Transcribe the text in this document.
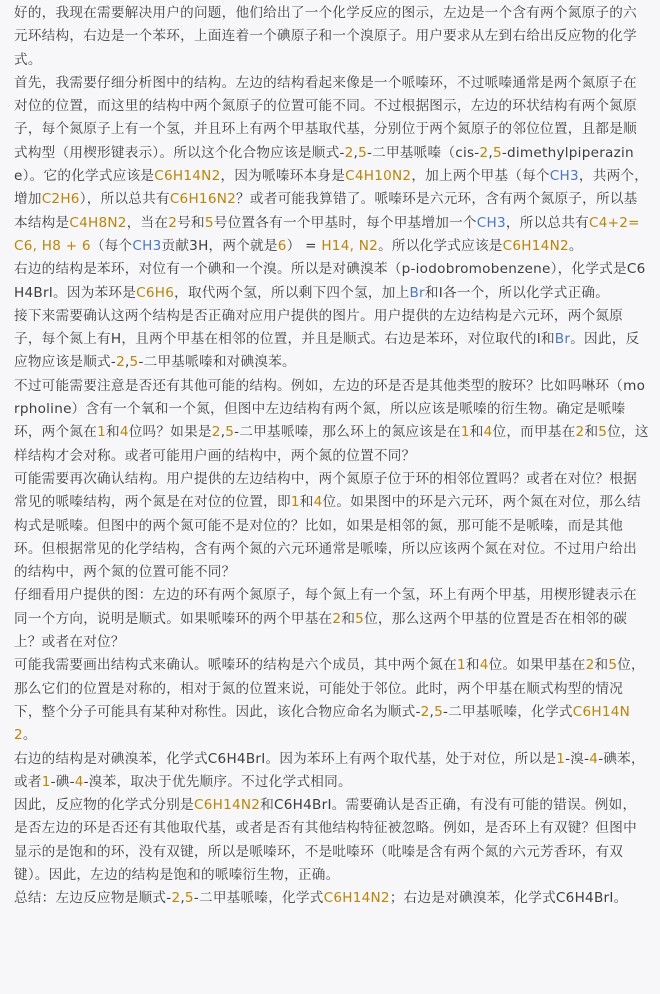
好的，我现在需要解决用户的问题，他们给出了一个化学反应的图示，左边是一个含有两个氮原子的六元环结构，右边是一个苯环，上面连着一个碘原子和一个溴原子。用户要求从左到右给出反应物的化学式。

首先，我需要仔细分析图中的结构。左边的结构看起来像是一个哌嗪环，不过哌嗪通常是两个氮原子在对位的位置，而这里的结构中两个氮原子的位置可能不同。不过根据图示，左边的环状结构有两个氮原子，每个氮原子上有一个氢，并且环上有两个甲基取代基，分别位于两个氮原子的邻位位置，且都是顺式构型（用楔形键表示）。所以这个化合物应该是顺式-2,5-二甲基哌嗪（cis-2,5-dimethylpiperazine）。它的化学式应该是C6H14N2，因为哌嗪环本身是C4H10N2，加上两个甲基（每个CH3，共两个，增加C2H6），所以总共有C6H16N2？或者可能我算错了。哌嗪环是六元环，含有两个氮原子，所以基本结构是C4H8N2，当在2号和5号位置各有一个甲基时，每个甲基增加一个CH3，所以总共有C4+2= C6, H8 + 6（每个CH3贡献3H，两个就是6） = H14, N2。所以化学式应该是C6H14N2。

右边的结构是苯环，对位有一个碘和一个溴。所以是对碘溴苯（p-iodobromobenzene），化学式是C6H4BrI。因为苯环是C6H6，取代两个氢，所以剩下四个氢，加上Br和I各一个，所以化学式正确。

接下来需要确认这两个结构是否正确对应用户提供的图片。用户提供的左边结构是六元环，两个氮原子，每个氮上有H，且两个甲基在相邻的位置，并且是顺式。右边是苯环，对位取代的I和Br。因此，反应物应该是顺式-2,5-二甲基哌嗪和对碘溴苯。

不过可能需要注意是否还有其他可能的结构。例如，左边的环是否是其他类型的胺环？比如吗啉环（morpholine）含有一个氧和一个氮，但图中左边结构有两个氮，所以应该是哌嗪的衍生物。确定是哌嗪环，两个氮在1和4位吗？如果是2,5-二甲基哌嗪，那么环上的氮应该是在1和4位，而甲基在2和5位，这样结构才会对称。或者可能用户画的结构中，两个氮的位置不同？

可能需要再次确认结构。用户提供的左边结构中，两个氮原子位于环的相邻位置吗？或者在对位？根据常见的哌嗪结构，两个氮是在对位的位置，即1和4位。如果图中的环是六元环，两个氮在对位，那么结构式是哌嗪。但图中的两个氮可能不是对位的？比如，如果是相邻的氮，那可能不是哌嗪，而是其他环。但根据常见的化学结构，含有两个氮的六元环通常是哌嗪，所以应该两个氮在对位。不过用户给出的结构中，两个氮的位置可能不同？

仔细看用户提供的图：左边的环有两个氮原子，每个氮上有一个氢，环上有两个甲基，用楔形键表示在同一个方向，说明是顺式。如果哌嗪环的两个甲基在2和5位，那么这两个甲基的位置是否在相邻的碳上？或者在对位？

可能我需要画出结构式来确认。哌嗪环的结构是六个成员，其中两个氮在1和4位。如果甲基在2和5位，那么它们的位置是对称的，相对于氮的位置来说，可能处于邻位。此时，两个甲基在顺式构型的情况下，整个分子可能具有某种对称性。因此，该化合物应命名为顺式-2,5-二甲基哌嗪，化学式C6H14N2。

右边的结构是对碘溴苯，化学式C6H4BrI。因为苯环上有两个取代基，处于对位，所以是1-溴-4-碘苯，或者1-碘-4-溴苯，取决于优先顺序。不过化学式相同。

因此，反应物的化学式分别是C6H14N2和C6H4BrI。需要确认是否正确，有没有可能的错误。例如，是否左边的环是否还有其他取代基，或者是否有其他结构特征被忽略。例如，是否环上有双键？但图中显示的是饱和的环，没有双键，所以是哌嗪环，不是吡嗪环（吡嗪是含有两个氮的六元芳香环，有双键）。因此，左边的结构是饱和的哌嗪衍生物，正确。

总结：左边反应物是顺式-2,5-二甲基哌嗪，化学式C6H14N2；右边是对碘溴苯，化学式C6H4BrI。
